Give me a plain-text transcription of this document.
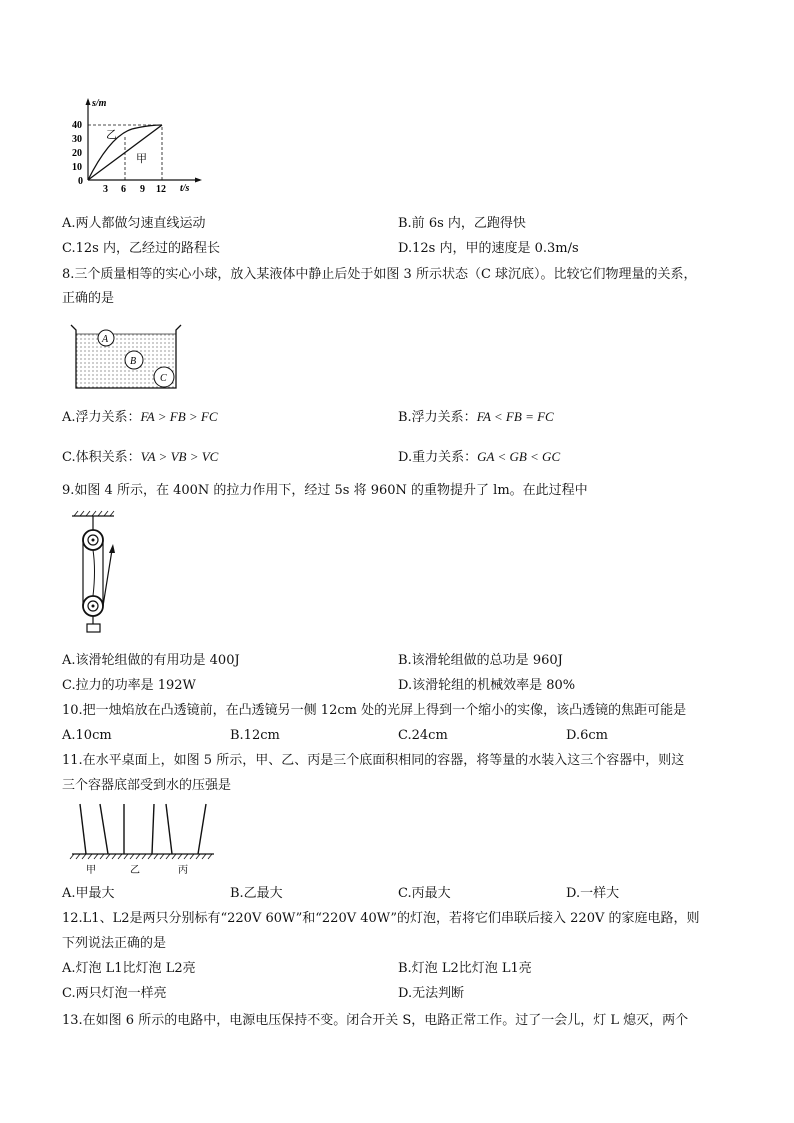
s/m
t/s
40
30
20
10
0
3 6 9 12
乙
甲
A.两人都做匀速直线运动	B.前 6s 内，乙跑得快
C.12s 内，乙经过的路程长	D.12s 内，甲的速度是 0.3m/s
8.三个质量相等的实心小球，放入某液体中静止后处于如图 3 所示状态（C 球沉底）。比较它们物理量的关系，
正确的是
A
B
C
A.浮力关系：FA > FB > FC	B.浮力关系：FA < FB = FC
C.体积关系：VA > VB > VC	D.重力关系：GA < GB < GC
9.如图 4 所示，在 400N 的拉力作用下，经过 5s 将 960N 的重物提升了 lm。在此过程中
A.该滑轮组做的有用功是 400J	B.该滑轮组做的总功是 960J
C.拉力的功率是 192W	D.该滑轮组的机械效率是 80%
10.把一烛焰放在凸透镜前，在凸透镜另一侧 12cm 处的光屏上得到一个缩小的实像，该凸透镜的焦距可能是
A.10cm	B.12cm	C.24cm	D.6cm
11.在水平桌面上，如图 5 所示，甲、乙、丙是三个底面积相同的容器，将等量的水装入这三个容器中，则这
三个容器底部受到水的压强是
甲	乙	丙
A.甲最大	B.乙最大	C.丙最大	D.一样大
12.L1、L2是两只分别标有“220V 60W”和“220V 40W”的灯泡，若将它们串联后接入 220V 的家庭电路，则
下列说法正确的是
A.灯泡 L1比灯泡 L2亮	B.灯泡 L2比灯泡 L1亮
C.两只灯泡一样亮	D.无法判断
13.在如图 6 所示的电路中，电源电压保持不变。闭合开关 S，电路正常工作。过了一会儿，灯 L 熄灭，两个
